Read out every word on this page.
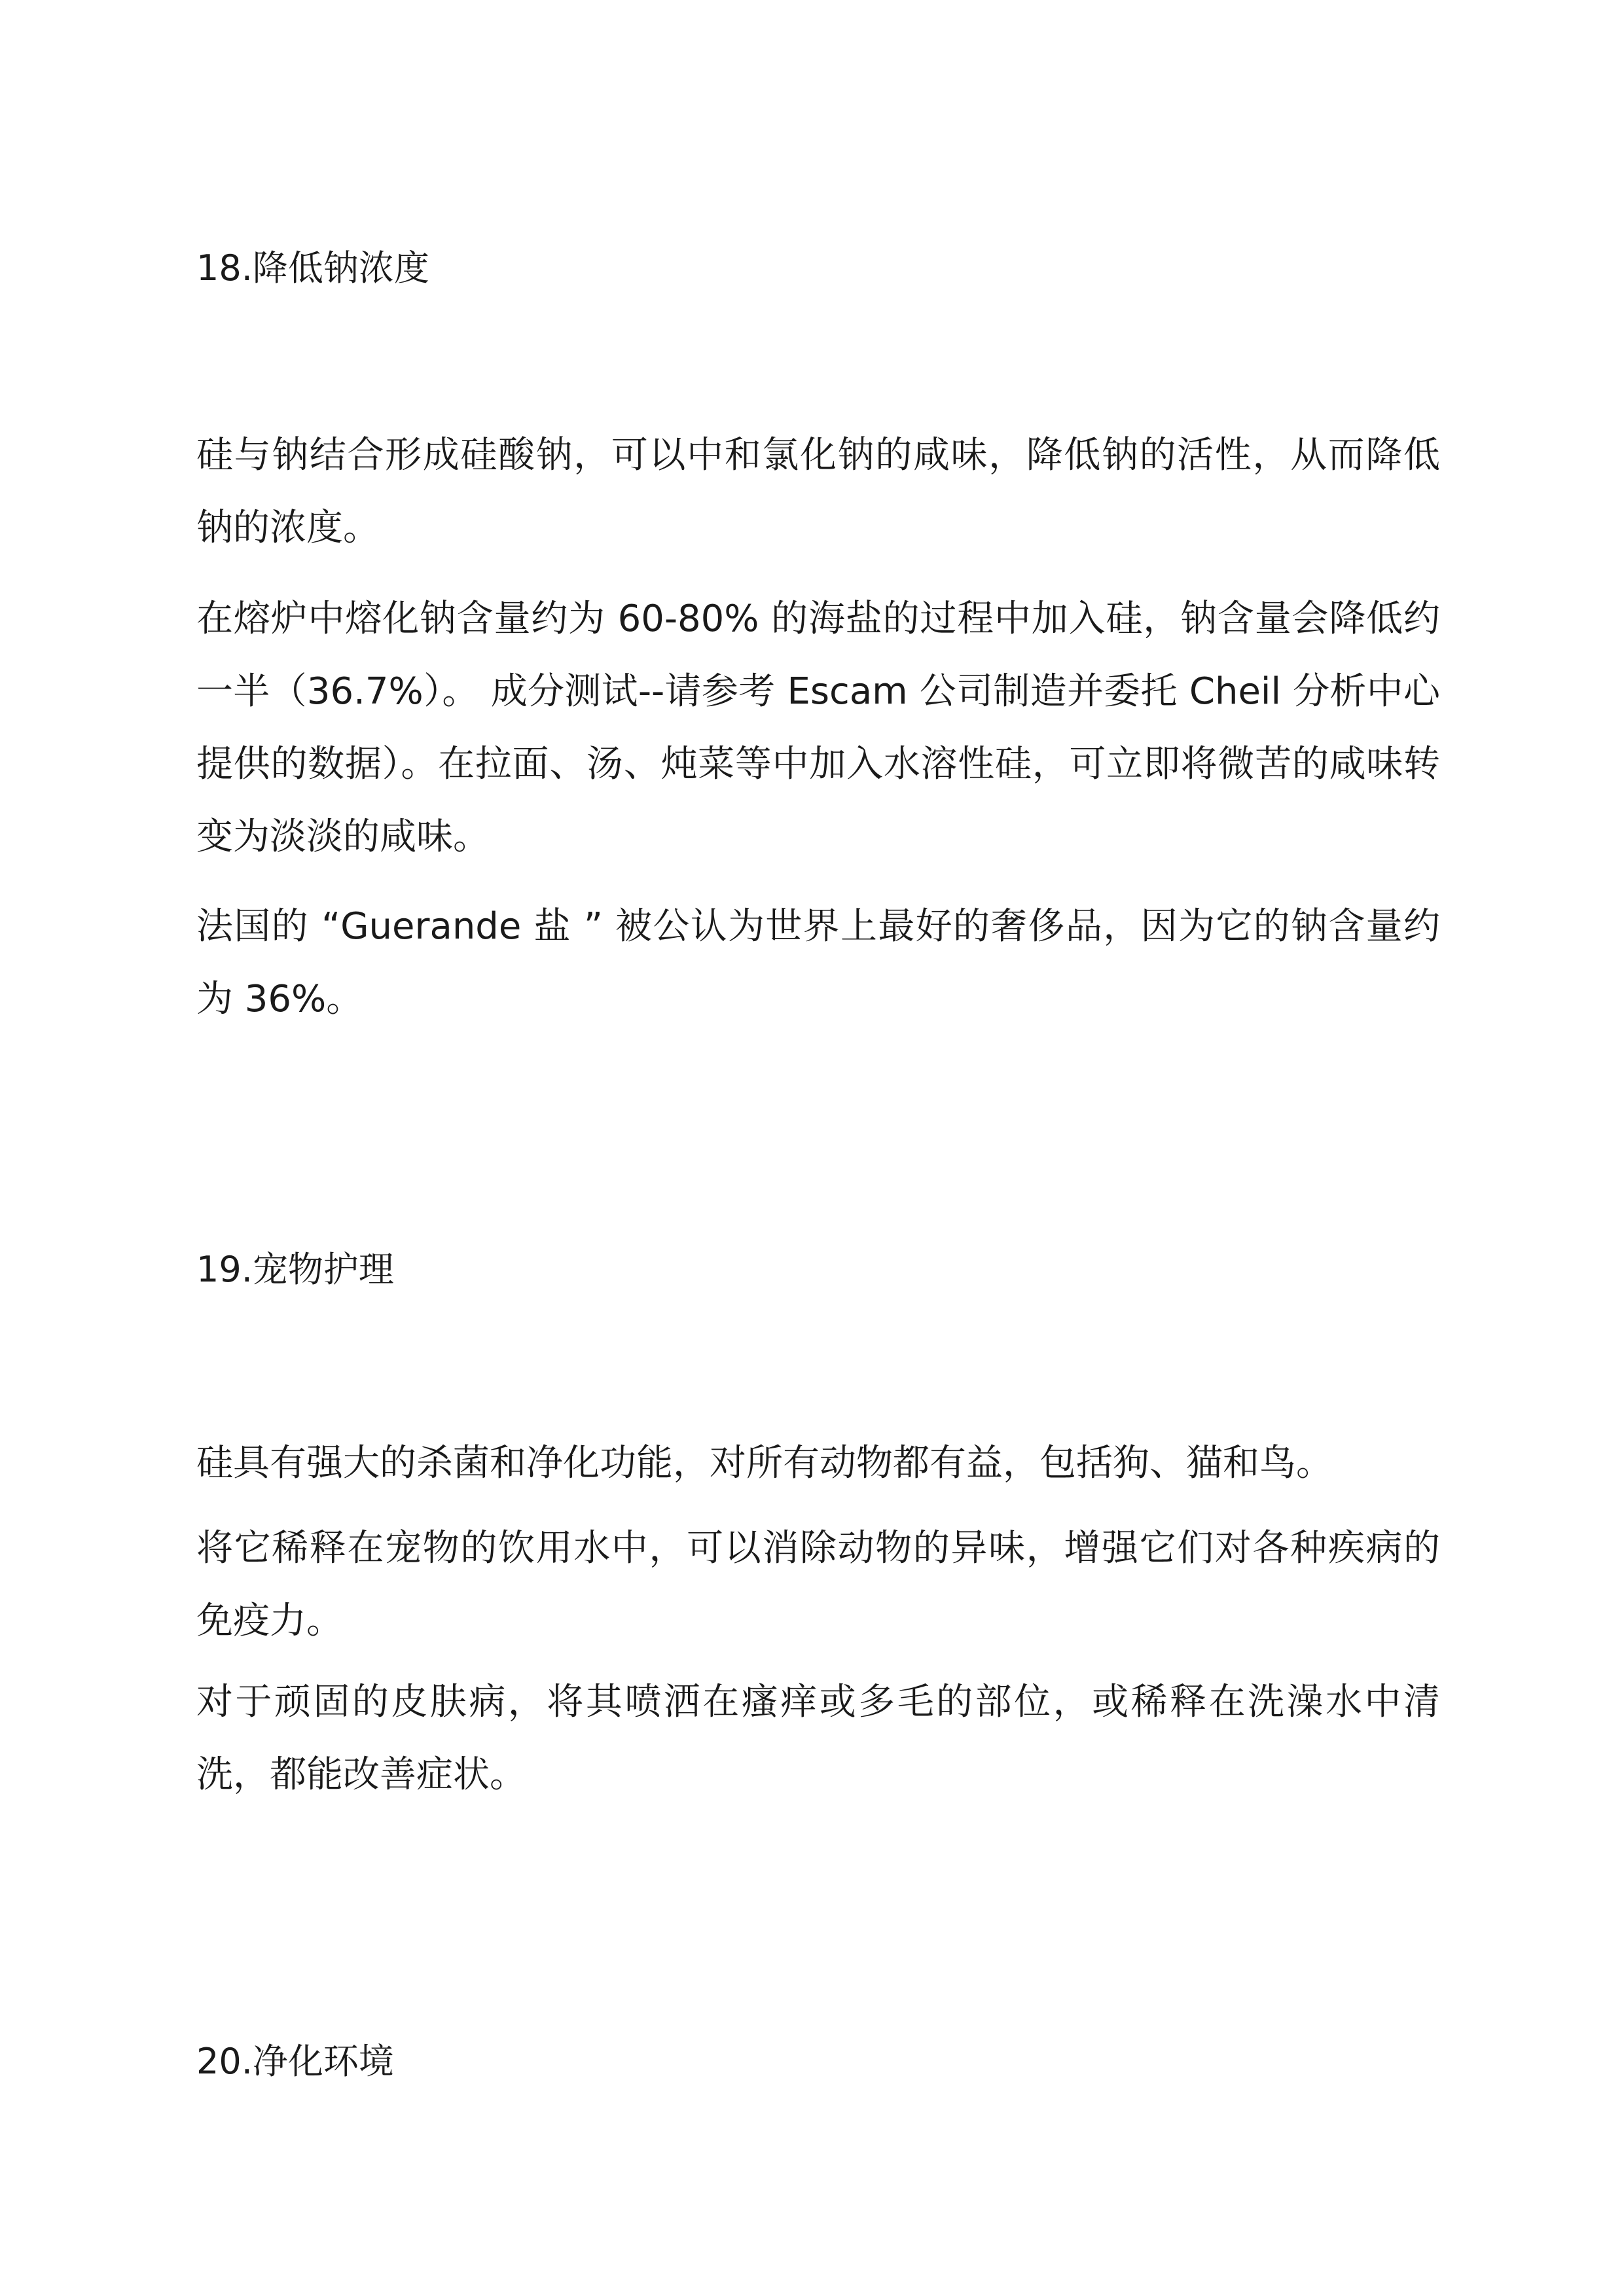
18.降低钠浓度

硅与钠结合形成硅酸钠，可以中和氯化钠的咸味，降低钠的活性，从而降低钠的浓度。

在熔炉中熔化钠含量约为 60-80% 的海盐的过程中加入硅，钠含量会降低约一半（36.7%）。 成分测试--请参考 Escam 公司制造并委托 Cheil 分析中心提供的数据）。在拉面、汤、炖菜等中加入水溶性硅，可立即将微苦的咸味转变为淡淡的咸味。

法国的 “Guerande 盐 ” 被公认为世界上最好的奢侈品，因为它的钠含量约为 36%。

19.宠物护理

硅具有强大的杀菌和净化功能，对所有动物都有益，包括狗、猫和鸟。

将它稀释在宠物的饮用水中，可以消除动物的异味，增强它们对各种疾病的免疫力。

对于顽固的皮肤病，将其喷洒在瘙痒或多毛的部位，或稀释在洗澡水中清洗，都能改善症状。

20.净化环境
